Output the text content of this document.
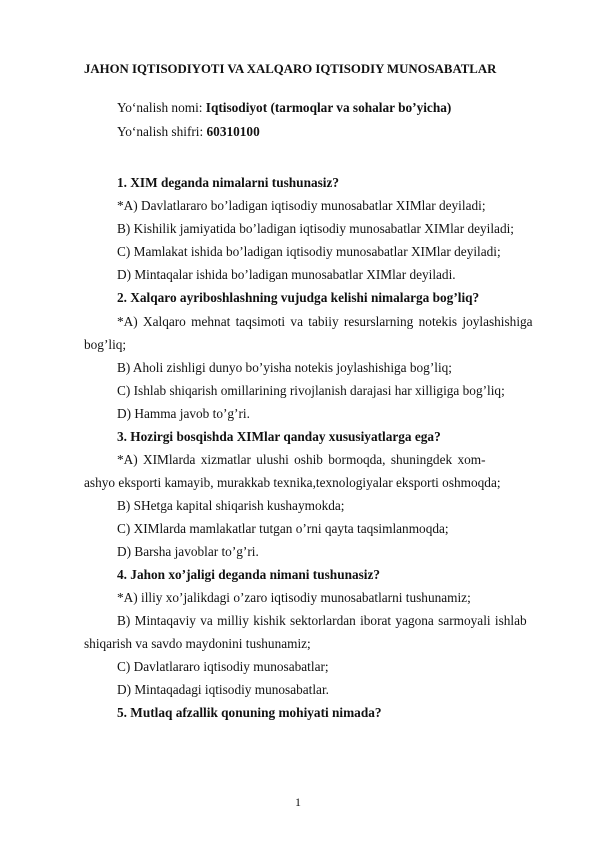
JAHON IQTISODIYOTI VA XALQARO IQTISODIY MUNOSABATLAR
Yo‘nalish nomi: Iqtisodiyot (tarmoqlar va sohalar bo’yicha)
Yo‘nalish shifri: 60310100
1. XIM deganda nimalarni tushunasiz?
*A) Davlatlararo bo’ladigan iqtisodiy munosabatlar XIMlar deyiladi;
B) Kishilik jamiyatida bo’ladigan iqtisodiy munosabatlar XIMlar deyiladi;
C) Mamlakat ishida bo’ladigan iqtisodiy munosabatlar XIMlar deyiladi;
D) Mintaqalar ishida bo’ladigan munosabatlar XIMlar deyiladi.
2. Xalqaro ayriboshlashning vujudga kelishi nimalarga bog’liq?
*A) Xalqaro mehnat taqsimoti va tabiiy resurslarning notekis joylashishiga
bog’liq;
B) Aholi zishligi dunyo bo’yisha notekis joylashishiga bog’liq;
C) Ishlab shiqarish omillarining rivojlanish darajasi har xilligiga bog’liq;
D) Hamma javob to’g’ri.
3. Hozirgi bosqishda XIMlar qanday xususiyatlarga ega?
*A) XIMlarda xizmatlar ulushi oshib bormoqda, shuningdek xom-
ashyo eksporti kamayib, murakkab texnika,texnologiyalar eksporti oshmoqda;
B) SHetga kapital shiqarish kushaymokda;
C) XIMlarda mamlakatlar tutgan o’rni qayta taqsimlanmoqda;
D) Barsha javoblar to’g’ri.
4. Jahon xo’jaligi deganda nimani tushunasiz?
*A) illiy xo’jalikdagi o’zaro iqtisodiy munosabatlarni tushunamiz;
B) Mintaqaviy va milliy kishik sektorlardan iborat yagona sarmoyali ishlab
shiqarish va savdo maydonini tushunamiz;
C) Davlatlararo iqtisodiy munosabatlar;
D) Mintaqadagi iqtisodiy munosabatlar.
5. Mutlaq afzallik qonuning mohiyati nimada?
1
